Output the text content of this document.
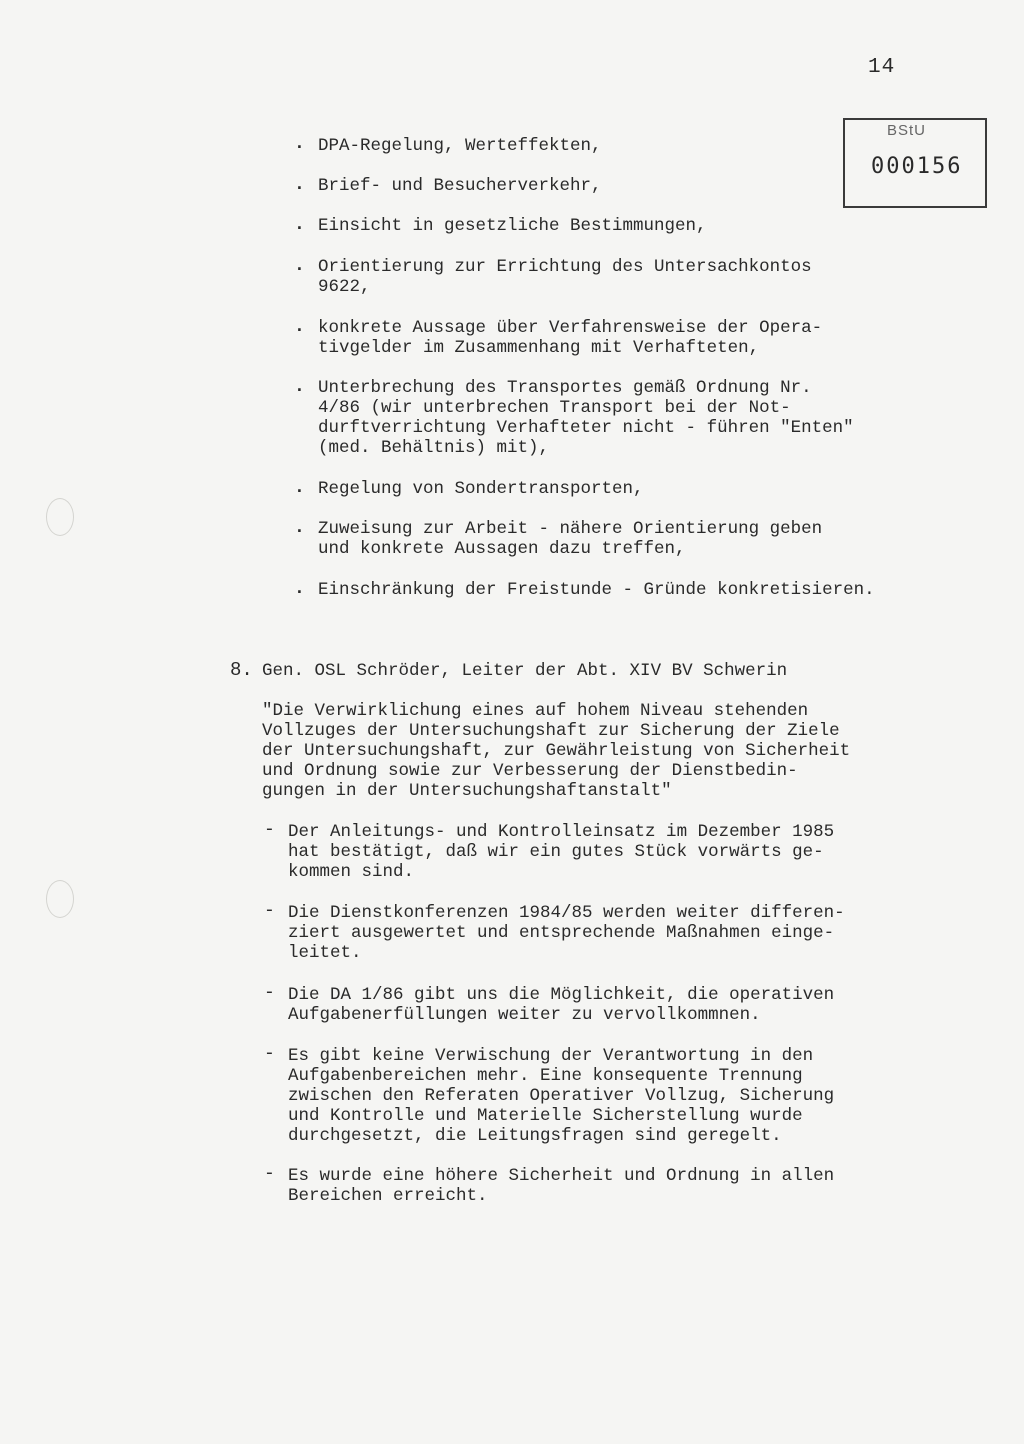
14
BStU
000156
. DPA-Regelung, Werteffekten,
. Brief- und Besucherverkehr,
. Einsicht in gesetzliche Bestimmungen,
. Orientierung zur Errichtung des Untersachkontos
9622,
. konkrete Aussage über Verfahrensweise der Opera-
tivgelder im Zusammenhang mit Verhafteten,
. Unterbrechung des Transportes gemäß Ordnung Nr.
4/86 (wir unterbrechen Transport bei der Not-
durftverrichtung Verhafteter nicht - führen "Enten"
(med. Behältnis) mit),
. Regelung von Sondertransporten,
. Zuweisung zur Arbeit - nähere Orientierung geben
und konkrete Aussagen dazu treffen,
. Einschränkung der Freistunde - Gründe konkretisieren.
8. Gen. OSL Schröder, Leiter der Abt. XIV BV Schwerin
"Die Verwirklichung eines auf hohem Niveau stehenden
Vollzuges der Untersuchungshaft zur Sicherung der Ziele
der Untersuchungshaft, zur Gewährleistung von Sicherheit
und Ordnung sowie zur Verbesserung der Dienstbedin-
gungen in der Untersuchungshaftanstalt"
- Der Anleitungs- und Kontrolleinsatz im Dezember 1985
hat bestätigt, daß wir ein gutes Stück vorwärts ge-
kommen sind.
- Die Dienstkonferenzen 1984/85 werden weiter differen-
ziert ausgewertet und entsprechende Maßnahmen einge-
leitet.
- Die DA 1/86 gibt uns die Möglichkeit, die operativen
Aufgabenerfüllungen weiter zu vervollkommnen.
- Es gibt keine Verwischung der Verantwortung in den
Aufgabenbereichen mehr. Eine konsequente Trennung
zwischen den Referaten Operativer Vollzug, Sicherung
und Kontrolle und Materielle Sicherstellung wurde
durchgesetzt, die Leitungsfragen sind geregelt.
- Es wurde eine höhere Sicherheit und Ordnung in allen
Bereichen erreicht.
